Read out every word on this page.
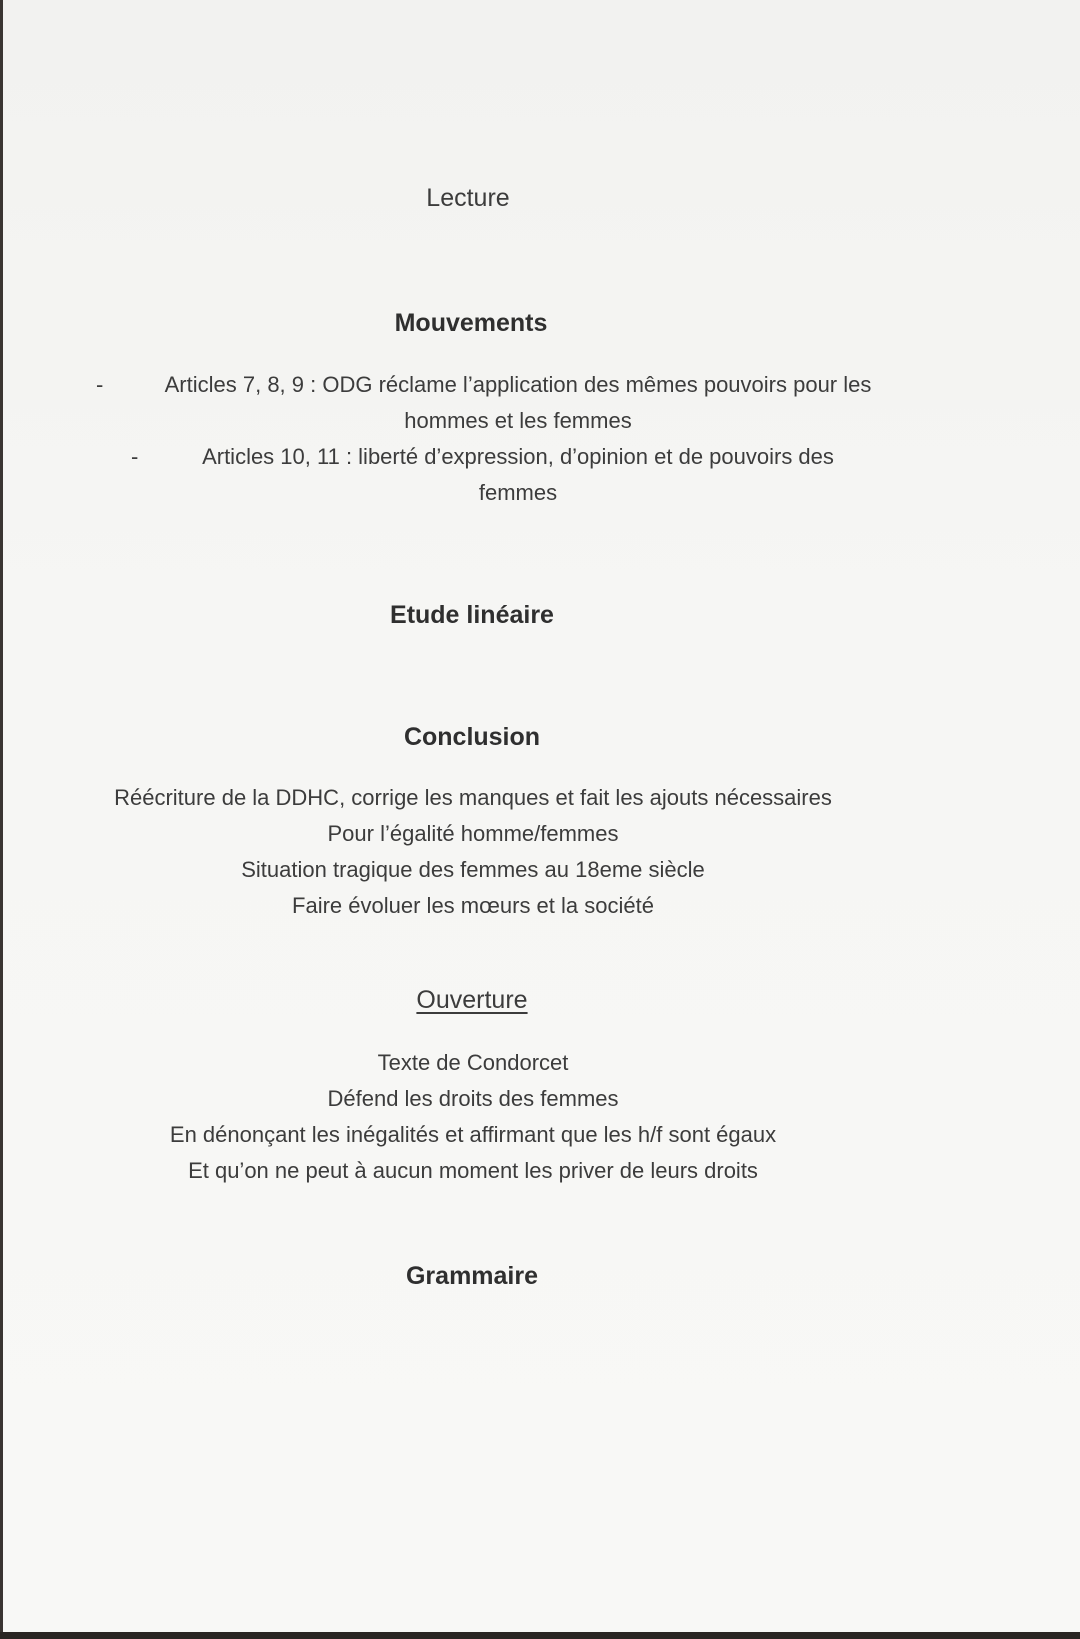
Lecture
Mouvements
-	Articles 7, 8, 9 : ODG réclame l’application des mêmes pouvoirs pour les
hommes et les femmes
-	Articles 10, 11 : liberté d’expression, d’opinion et de pouvoirs des
femmes
Etude linéaire
Conclusion
Réécriture de la DDHC, corrige les manques et fait les ajouts nécessaires
Pour l’égalité homme/femmes
Situation tragique des femmes au 18eme siècle
Faire évoluer les mœurs et la société
Ouverture
Texte de Condorcet
Défend les droits des femmes
En dénonçant les inégalités et affirmant que les h/f sont égaux
Et qu’on ne peut à aucun moment les priver de leurs droits
Grammaire
